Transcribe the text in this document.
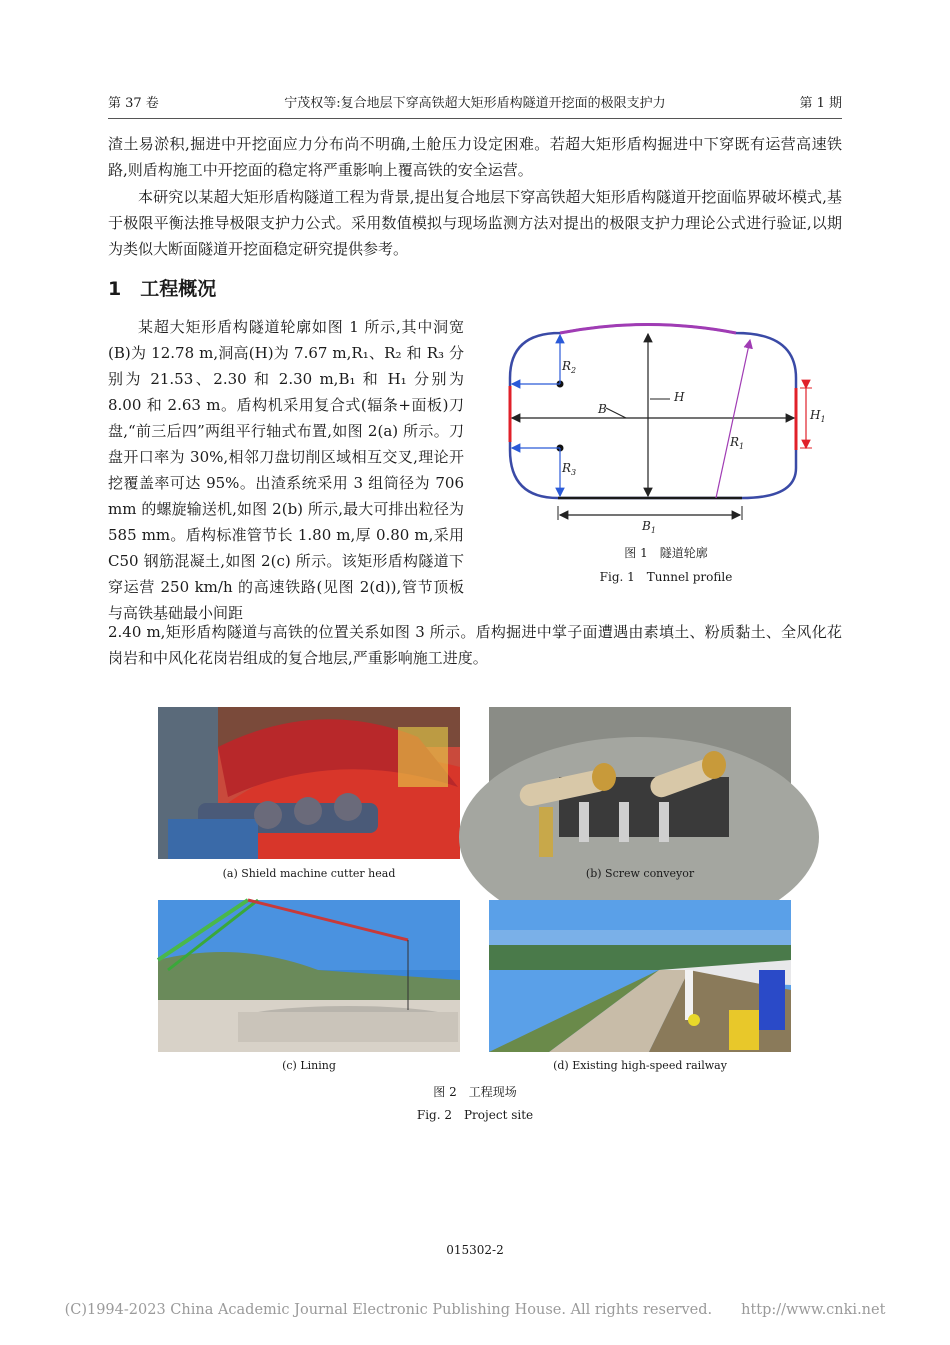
第 37 卷	宁茂权等:复合地层下穿高铁超大矩形盾构隧道开挖面的极限支护力	第 1 期

渣土易淤积,掘进中开挖面应力分布尚不明确,土舱压力设定困难。若超大矩形盾构掘进中下穿既有运营高速铁路,则盾构施工中开挖面的稳定将严重影响上覆高铁的安全运营。

本研究以某超大矩形盾构隧道工程为背景,提出复合地层下穿高铁超大矩形盾构隧道开挖面临界破坏模式,基于极限平衡法推导极限支护力公式。采用数值模拟与现场监测方法对提出的极限支护力理论公式进行验证,以期为类似大断面隧道开挖面稳定研究提供参考。

1　工程概况

某超大矩形盾构隧道轮廓如图 1 所示,其中洞宽(B)为 12.78 m,洞高(H)为 7.67 m,R₁、R₂ 和 R₃ 分别为 21.53、2.30 和 2.30 m,B₁ 和 H₁ 分别为 8.00 和 2.63 m。盾构机采用复合式(辐条+面板)刀盘,“前三后四”两组平行轴式布置,如图 2(a) 所示。刀盘开口率为 30%,相邻刀盘切削区域相互交叉,理论开挖覆盖率可达 95%。出渣系统采用 3 组筒径为 706 mm 的螺旋输送机,如图 2(b) 所示,最大可排出粒径为 585 mm。盾构标准管节长 1.80 m,厚 0.80 m,采用 C50 钢筋混凝土,如图 2(c) 所示。该矩形盾构隧道下穿运营 250 km/h 的高速铁路(见图 2(d)),管节顶板与高铁基础最小间距

B
H
$R_2$
$R_3$
$R_1$
$H_1$
$B_1$
图 1　隧道轮廓
Fig. 1　Tunnel profile

2.40 m,矩形盾构隧道与高铁的位置关系如图 3 所示。盾构掘进中掌子面遭遇由素填土、粉质黏土、全风化花岗岩和中风化花岗岩组成的复合地层,严重影响施工进度。

(a) Shield machine cutter head	(b) Screw conveyor
(c) Lining	(d) Existing high-speed railway
图 2　工程现场
Fig. 2　Project site
015302-2
(C)1994-2023 China Academic Journal Electronic Publishing House. All rights reserved.　　http://www.cnki.net
